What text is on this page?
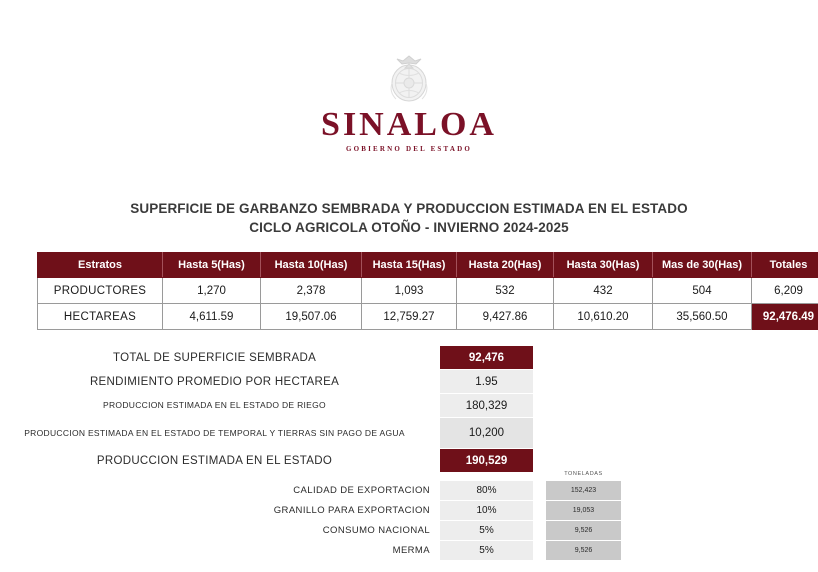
SINALOA
GOBIERNO DEL ESTADO
SUPERFICIE DE GARBANZO SEMBRADA Y PRODUCCION ESTIMADA EN EL ESTADO
CICLO AGRICOLA OTOÑO - INVIERNO 2024-2025
Estratos	Hasta 5(Has)	Hasta 10(Has)	Hasta 15(Has)	Hasta 20(Has)	Hasta 30(Has)	Mas de 30(Has)	Totales
PRODUCTORES	1,270	2,378	1,093	532	432	504	6,209
HECTAREAS	4,611.59	19,507.06	12,759.27	9,427.86	10,610.20	35,560.50	92,476.49
TOTAL DE SUPERFICIE SEMBRADA	92,476
RENDIMIENTO PROMEDIO POR HECTAREA	1.95
PRODUCCION ESTIMADA EN EL ESTADO DE RIEGO	180,329
PRODUCCION ESTIMADA EN EL ESTADO DE TEMPORAL Y TIERRAS SIN PAGO DE AGUA	10,200
PRODUCCION ESTIMADA EN EL ESTADO	190,529
TONELADAS
CALIDAD DE EXPORTACION	80%	152,423
GRANILLO PARA EXPORTACION	10%	19,053
CONSUMO NACIONAL	5%	9,526
MERMA	5%	9,526
